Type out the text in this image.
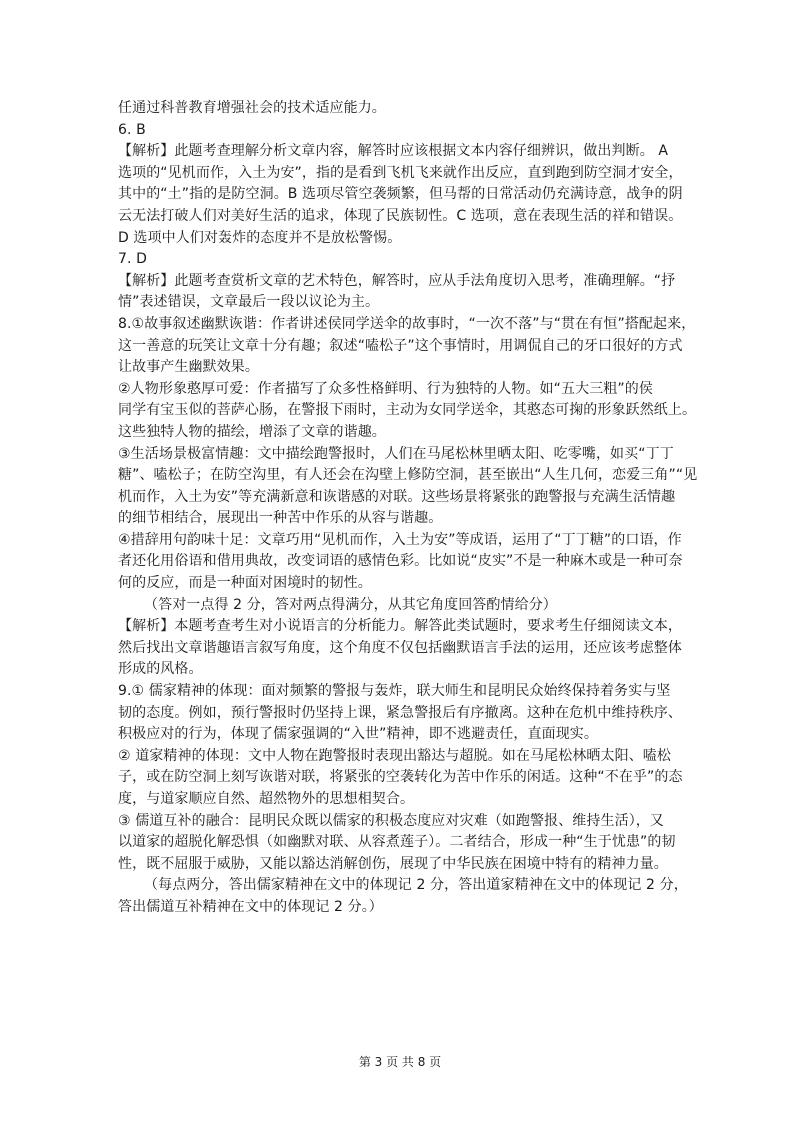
任通过科普教育增强社会的技术适应能力。
6. B
【解析】此题考查理解分析文章内容，解答时应该根据文本内容仔细辨识，做出判断。 A
选项的“见机而作，入土为安”，指的是看到飞机飞来就作出反应，直到跑到防空洞才安全，
其中的“土”指的是防空洞。B 选项尽管空袭频繁，但马帮的日常活动仍充满诗意，战争的阴
云无法打破人们对美好生活的追求，体现了民族韧性。C 选项，意在表现生活的祥和错误。
D 选项中人们对轰炸的态度并不是放松警惕。
7. D
【解析】此题考查赏析文章的艺术特色，解答时，应从手法角度切入思考，准确理解。“抒
情”表述错误，文章最后一段以议论为主。
8.①故事叙述幽默诙谐：作者讲述侯同学送伞的故事时，“一次不落”与“贯在有恒”搭配起来，
这一善意的玩笑让文章十分有趣；叙述“嗑松子”这个事情时，用调侃自己的牙口很好的方式
让故事产生幽默效果。
②人物形象憨厚可爱：作者描写了众多性格鲜明、行为独特的人物。如“五大三粗”的侯
同学有宝玉似的菩萨心肠，在警报下雨时，主动为女同学送伞，其憨态可掬的形象跃然纸上。
这些独特人物的描绘，增添了文章的谐趣。
③生活场景极富情趣：文中描绘跑警报时，人们在马尾松林里晒太阳、吃零嘴，如买“丁丁
糖”、嗑松子；在防空沟里，有人还会在沟壁上修防空洞，甚至嵌出“人生几何，恋爱三角”“见
机而作，入土为安”等充满新意和诙谐感的对联。这些场景将紧张的跑警报与充满生活情趣
的细节相结合，展现出一种苦中作乐的从容与谐趣。
④措辞用句韵味十足：文章巧用“见机而作，入土为安”等成语，运用了“丁丁糖”的口语，作
者还化用俗语和借用典故，改变词语的感情色彩。比如说“皮实”不是一种麻木或是一种可奈
何的反应，而是一种面对困境时的韧性。
（答对一点得 2 分，答对两点得满分，从其它角度回答酌情给分）
【解析】本题考查考生对小说语言的分析能力。解答此类试题时，要求考生仔细阅读文本，
然后找出文章谐趣语言叙写角度，这个角度不仅包括幽默语言手法的运用，还应该考虑整体
形成的风格。
9.① 儒家精神的体现：面对频繁的警报与轰炸，联大师生和昆明民众始终保持着务实与坚
韧的态度。例如，预行警报时仍坚持上课，紧急警报后有序撤离。这种在危机中维持秩序、
积极应对的行为，体现了儒家强调的“入世”精神，即不逃避责任，直面现实。
② 道家精神的体现：文中人物在跑警报时表现出豁达与超脱。如在马尾松林晒太阳、嗑松
子，或在防空洞上刻写诙谐对联，将紧张的空袭转化为苦中作乐的闲适。这种“不在乎”的态
度，与道家顺应自然、超然物外的思想相契合。
③ 儒道互补的融合：昆明民众既以儒家的积极态度应对灾难（如跑警报、维持生活），又
以道家的超脱化解恐惧（如幽默对联、从容煮莲子）。二者结合，形成一种“生于忧患”的韧
性，既不屈服于威胁，又能以豁达消解创伤，展现了中华民族在困境中特有的精神力量。
（每点两分，答出儒家精神在文中的体现记 2 分，答出道家精神在文中的体现记 2 分，
答出儒道互补精神在文中的体现记 2 分。）
第 3 页 共 8 页
